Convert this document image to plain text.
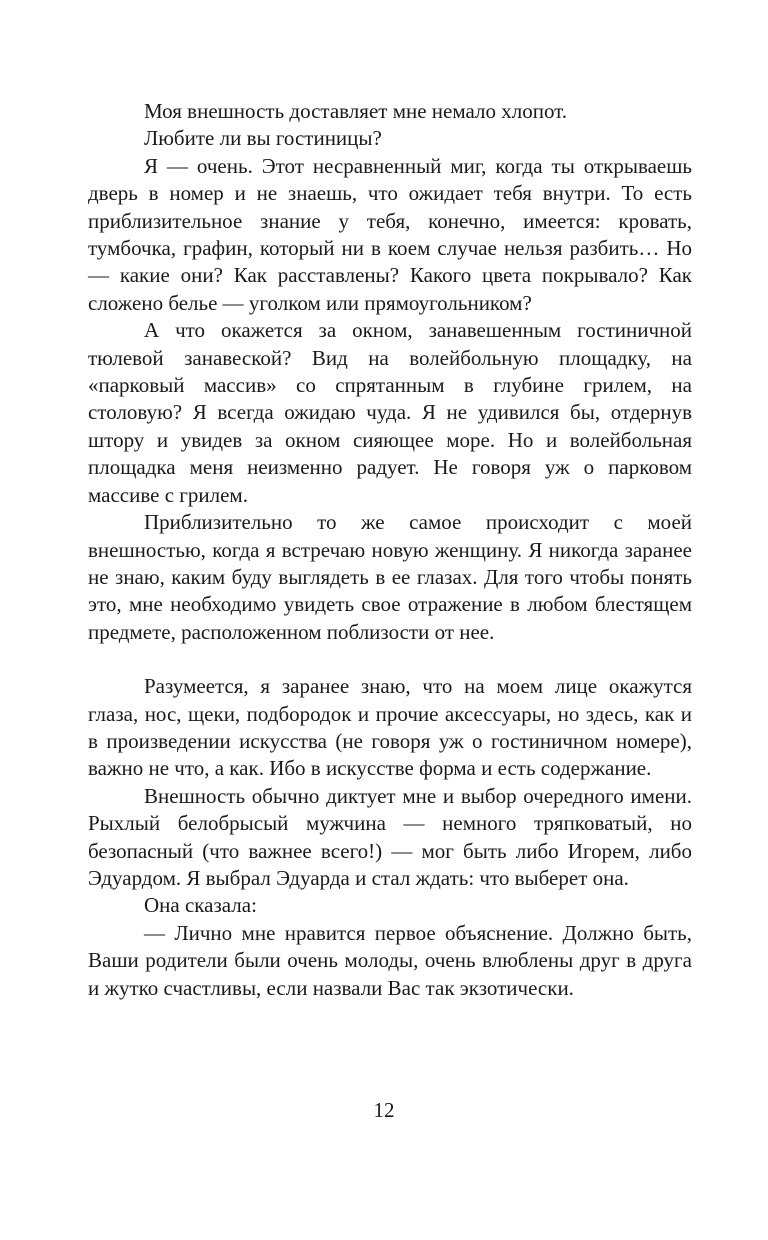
Моя внешность доставляет мне немало хлопот.

Любите ли вы гостиницы?

Я — очень. Этот несравненный миг, когда ты открываешь дверь в номер и не знаешь, что ожидает тебя внутри. То есть приблизительное знание у тебя, конечно, имеется: кровать, тумбочка, графин, который ни в коем случае нельзя разбить… Но — какие они? Как расставлены? Какого цвета покрывало? Как сложено белье — уголком или прямоугольником?

А что окажется за окном, занавешенным гостиничной тюлевой занавеской? Вид на волейбольную площадку, на «парковый массив» со спрятанным в глубине грилем, на столовую? Я всегда ожидаю чуда. Я не удивился бы, отдернув штору и увидев за окном сияющее море. Но и волейбольная площадка меня неизменно радует. Не говоря уж о парковом массиве с грилем.

Приблизительно то же самое происходит с моей внешностью, когда я встречаю новую женщину. Я никогда заранее не знаю, каким буду выглядеть в ее глазах. Для того чтобы понять это, мне необходимо увидеть свое отражение в любом блестящем предмете, расположенном поблизости от нее.

Разумеется, я заранее знаю, что на моем лице окажутся глаза, нос, щеки, подбородок и прочие аксессуары, но здесь, как и в произведении искусства (не говоря уж о гостиничном номере), важно не что, а как. Ибо в искусстве форма и есть содержание.

Внешность обычно диктует мне и выбор очередного имени. Рыхлый белобрысый мужчина — немного тряпковатый, но безопасный (что важнее всего!) — мог быть либо Игорем, либо Эдуардом. Я выбрал Эдуарда и стал ждать: что выберет она.

Она сказала:

— Лично мне нравится первое объяснение. Должно быть, Ваши родители были очень молоды, очень влюблены друг в друга и жутко счастливы, если назвали Вас так экзотически.

12
